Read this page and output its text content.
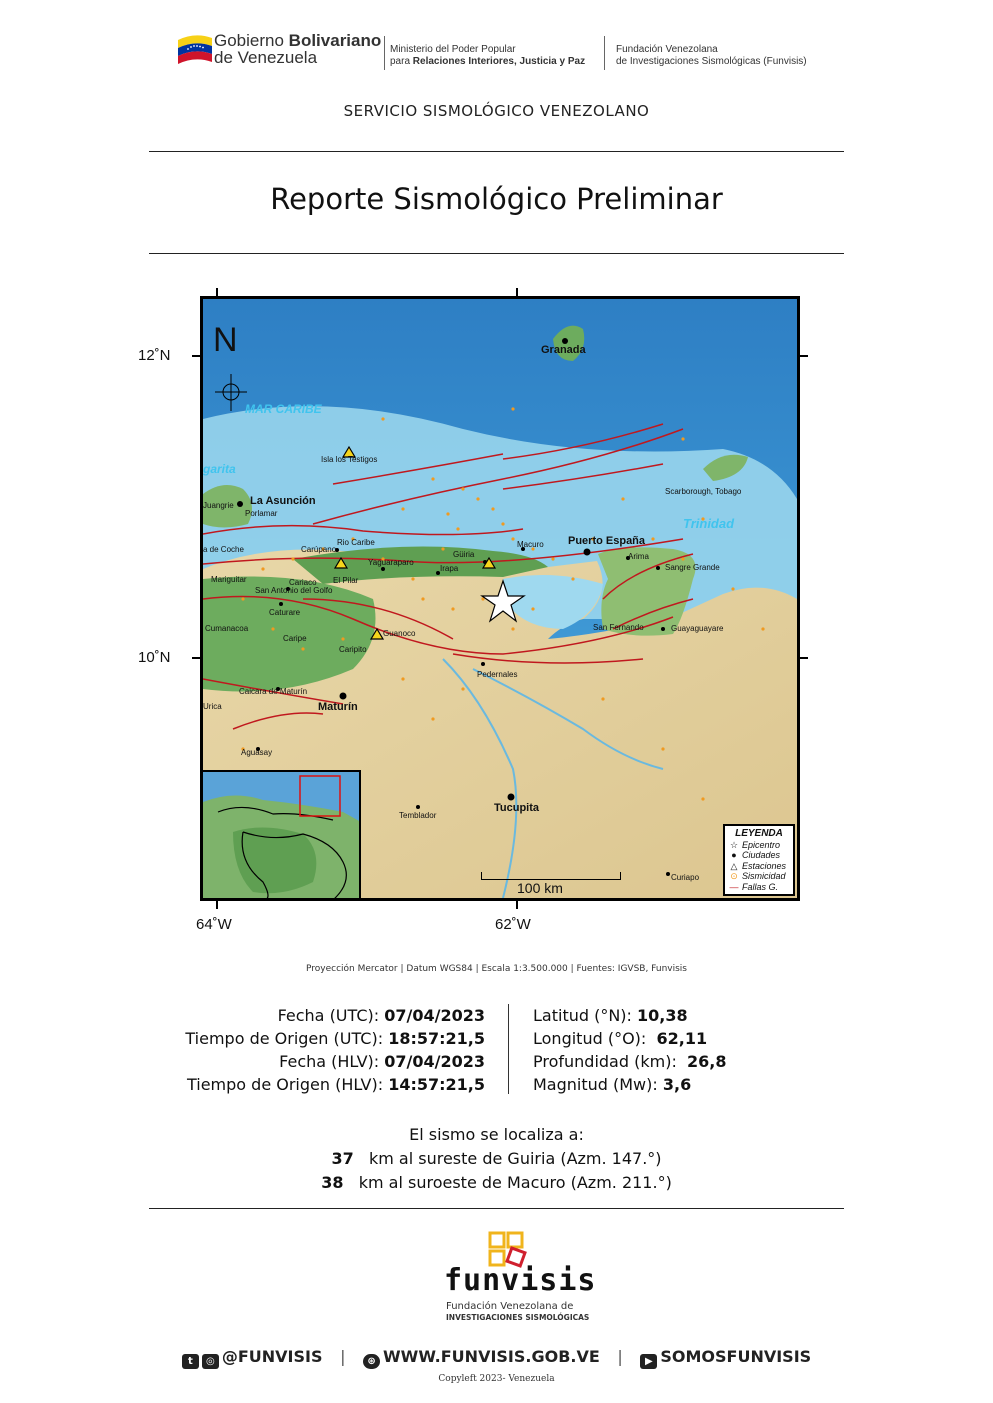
Gobierno Bolivariano
de Venezuela	Ministerio del Poder Popular
para Relaciones Interiores, Justicia y Paz
Fundación Venezolana
de Investigaciones Sismológicas (Funvisis)
SERVICIO SISMOLÓGICO VENEZOLANO
Reporte Sismológico Preliminar
12˚N
10˚N
64˚W	62˚W
N
MAR CARIBE
garita
Trinidad
Granada
Isla los Testigos
La Asunción
Juangrie
Porlamar
Rio Caribe
Carúpano
a de Coche
Güiria
Macuro Puerto España
Arima
Sangre Grande
Scarborough, Tobago
Yaguaraparo
Irapa
El Pilar
Mariguitar	Cariaco
San Antonio del Golfo
Caturare
Cumanacoa
Caripe
Guanoco
Caripito
San Fernando	Guayaguayare
Pedernales
Caicara de Maturín
Maturín
Urica
Aguasay
Tucupita
Temblador
Curiapo
100 km
LEYENDA
☆ Epicentro
● Ciudades
△ Estaciones
⊙ Sismicidad
— Fallas G.
Proyección Mercator | Datum WGS84 | Escala 1:3.500.000 | Fuentes: IGVSB, Funvisis
Fecha (UTC): 07/04/2023
Tiempo de Origen (UTC): 18:57:21,5
Fecha (HLV): 07/04/2023
Tiempo de Origen (HLV): 14:57:21,5
Latitud (°N): 10,38
Longitud (°O): 62,11
Profundidad (km): 26,8
Magnitud (Mw): 3,6
El sismo se localiza a:
37 km al sureste de Guiria (Azm. 147.°)
38 km al suroeste de Macuro (Azm. 211.°)
funvisis
Fundación Venezolana de
INVESTIGACIONES SISMOLÓGICAS
t ◎ @FUNVISIS | ⊛ WWW.FUNVISIS.GOB.VE | ▶ SOMOSFUNVISIS
Copyleft 2023- Venezuela
